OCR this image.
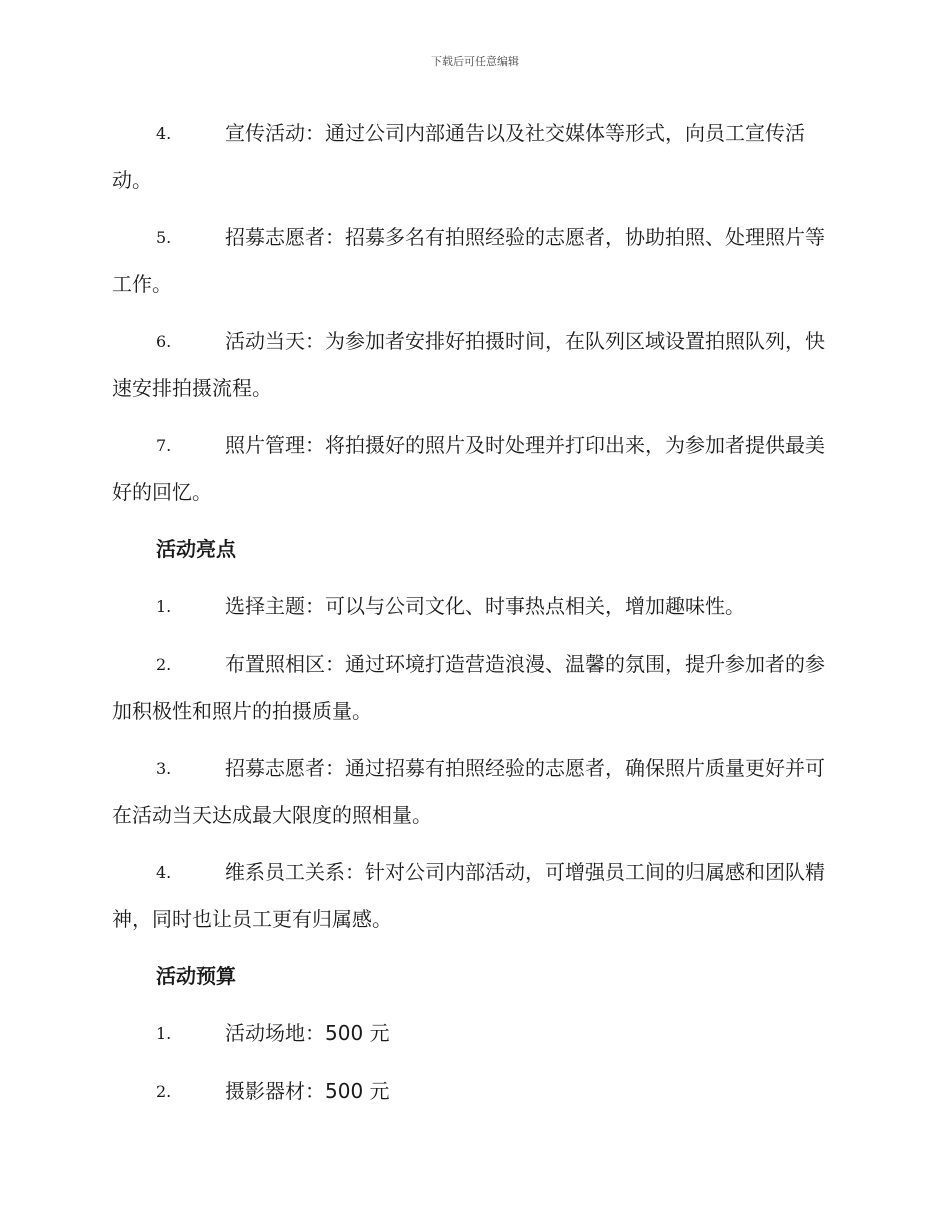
下载后可任意编辑
4.	宣传活动：通过公司内部通告以及社交媒体等形式，向员工宣传活动。
5.	招募志愿者：招募多名有拍照经验的志愿者，协助拍照、处理照片等工作。
6.	活动当天：为参加者安排好拍摄时间，在队列区域设置拍照队列，快速安排拍摄流程。
7.	照片管理：将拍摄好的照片及时处理并打印出来，为参加者提供最美好的回忆。
活动亮点
1.	选择主题：可以与公司文化、时事热点相关，增加趣味性。
2.	布置照相区：通过环境打造营造浪漫、温馨的氛围，提升参加者的参加积极性和照片的拍摄质量。
3.	招募志愿者：通过招募有拍照经验的志愿者，确保照片质量更好并可在活动当天达成最大限度的照相量。
4.	维系员工关系：针对公司内部活动，可增强员工间的归属感和团队精神，同时也让员工更有归属感。
活动预算
1.	活动场地：500 元
2.	摄影器材：500 元
